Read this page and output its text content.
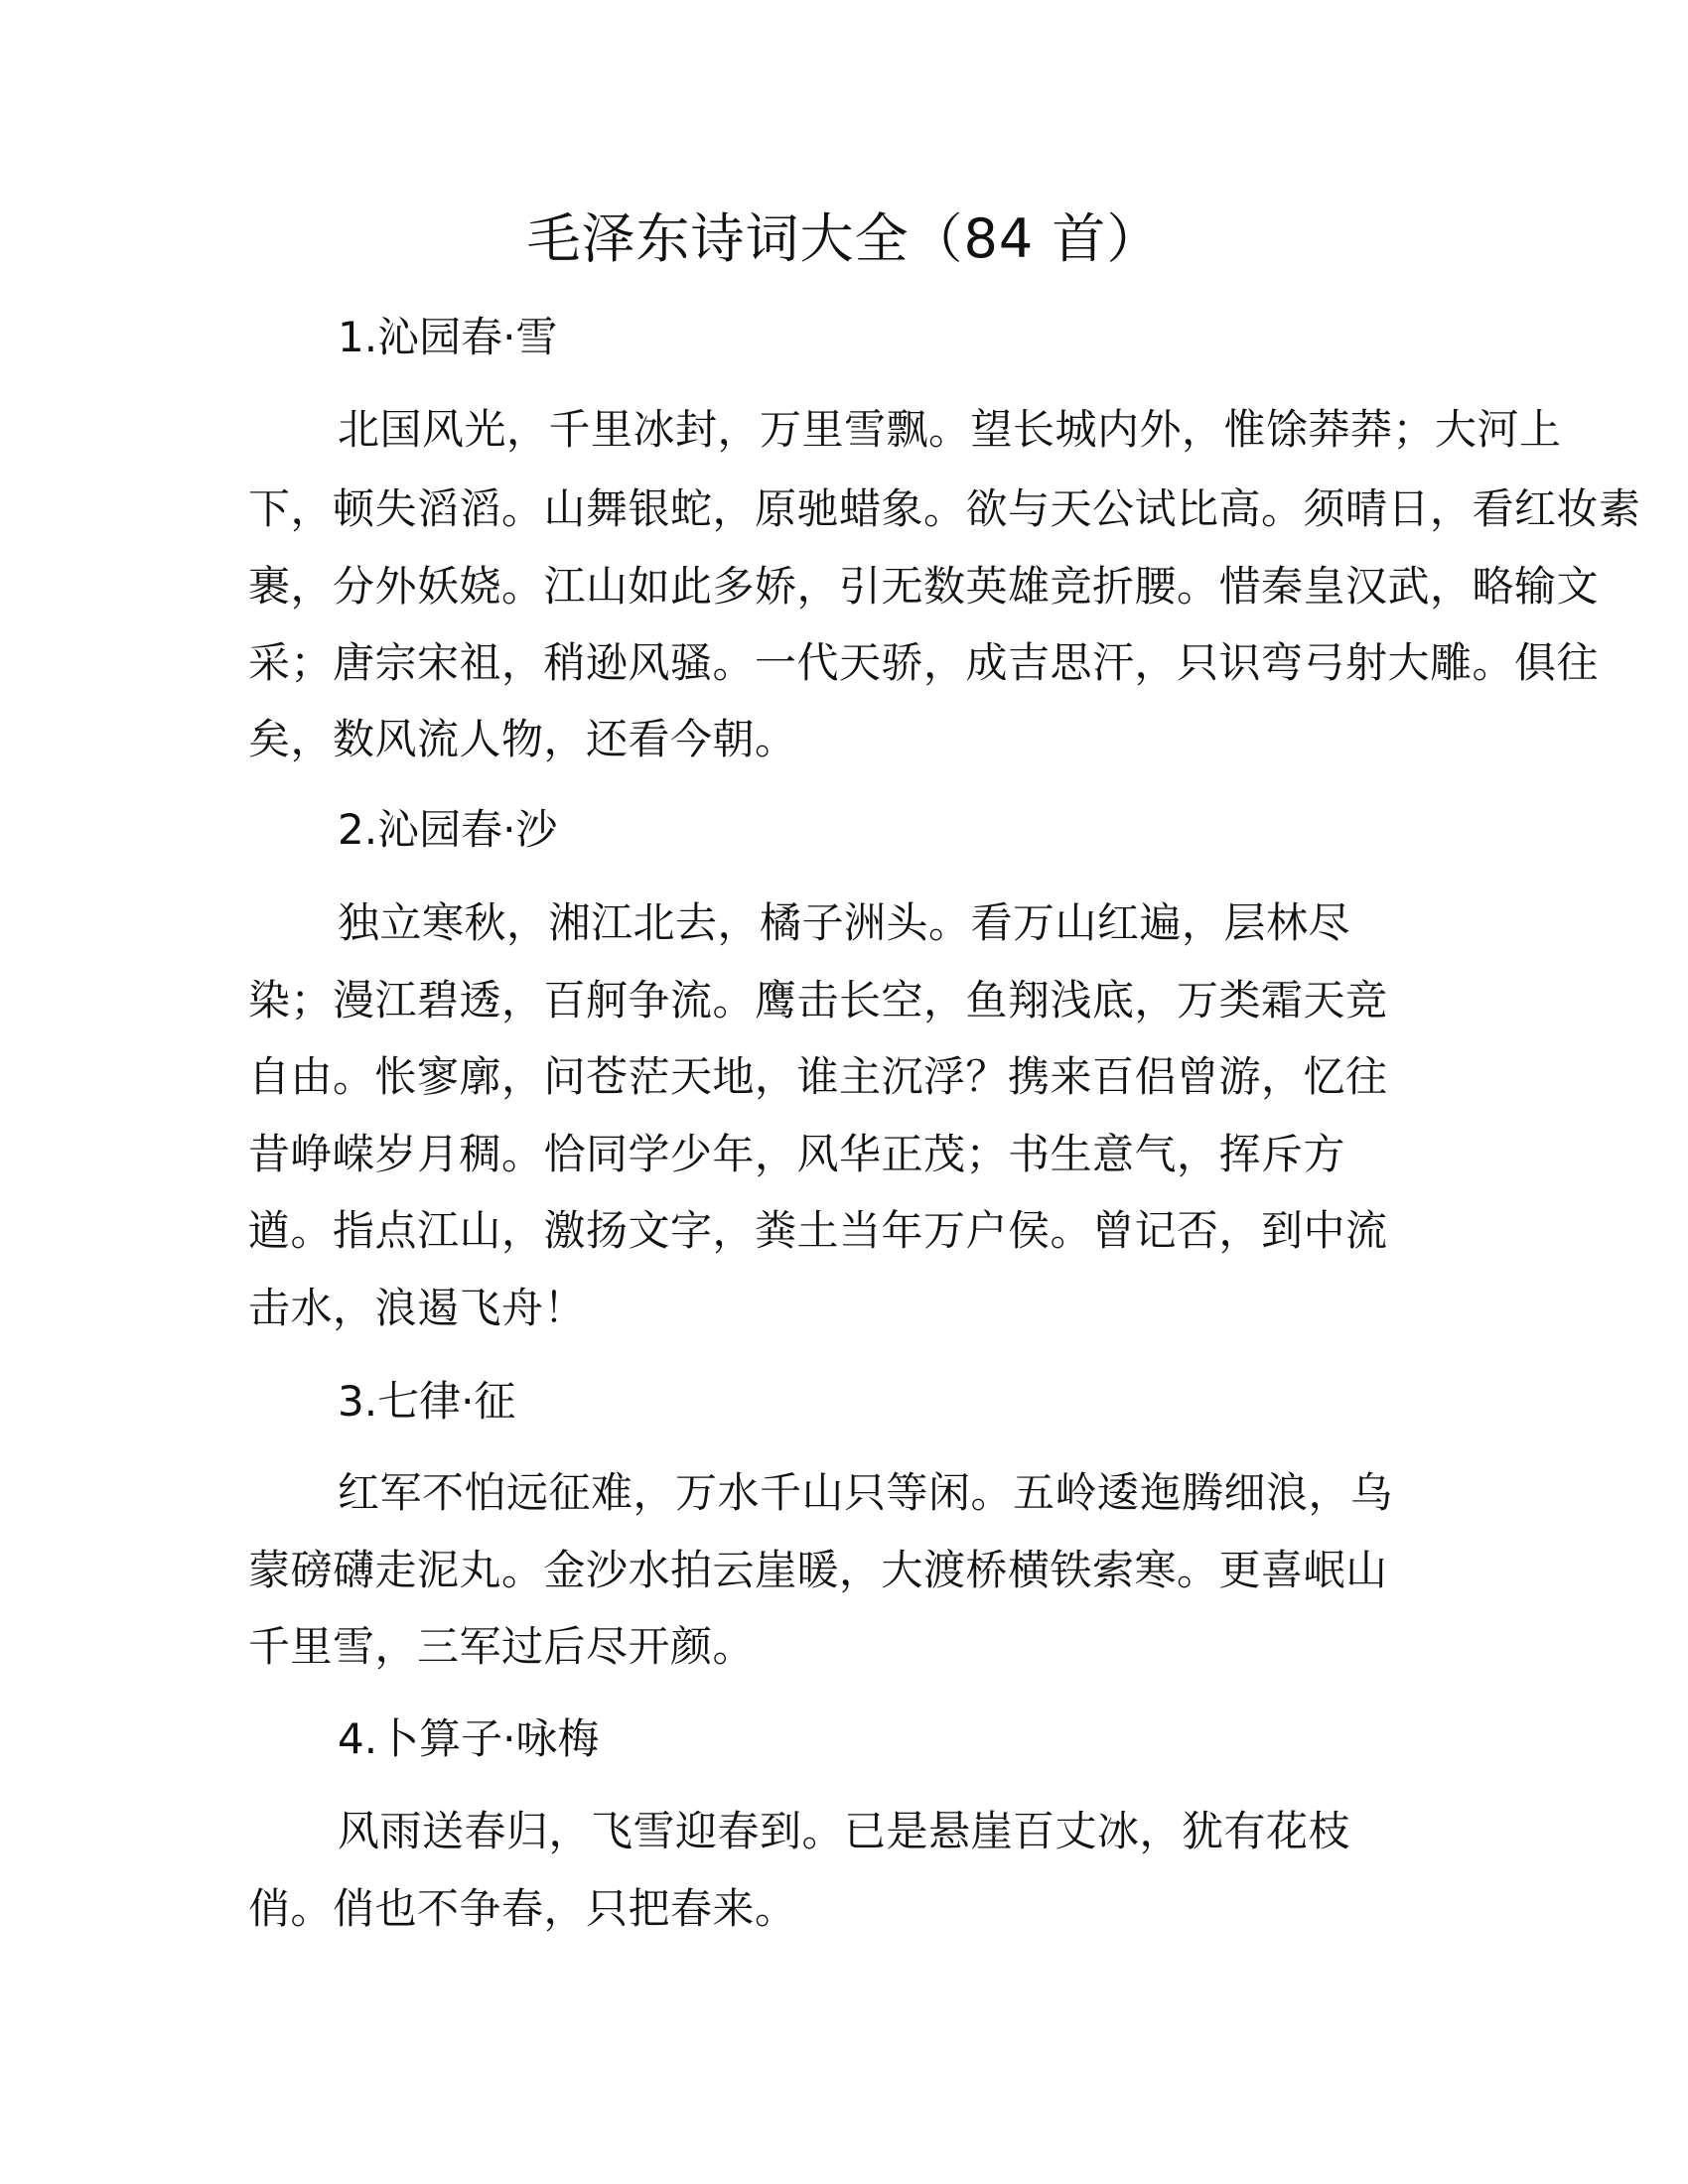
毛泽东诗词大全（84 首）
1.沁园春·雪

北国风光，千里冰封，万里雪飘。望长城内外，惟馀莽莽；大河上

下，顿失滔滔。山舞银蛇，原驰蜡象。欲与天公试比高。须晴日，看红妆素

裹，分外妖娆。江山如此多娇，引无数英雄竞折腰。惜秦皇汉武，略输文

采；唐宗宋祖，稍逊风骚。一代天骄，成吉思汗，只识弯弓射大雕。俱往

矣，数风流人物，还看今朝。

2.沁园春·沙

独立寒秋，湘江北去，橘子洲头。看万山红遍，层林尽

染；漫江碧透，百舸争流。鹰击长空，鱼翔浅底，万类霜天竞

自由。怅寥廓，问苍茫天地，谁主沉浮？携来百侣曾游，忆往

昔峥嵘岁月稠。恰同学少年，风华正茂；书生意气，挥斥方

遒。指点江山，激扬文字，粪土当年万户侯。曾记否，到中流

击水，浪遏飞舟！

3.七律·征

红军不怕远征难，万水千山只等闲。五岭逶迤腾细浪，乌

蒙磅礴走泥丸。金沙水拍云崖暖，大渡桥横铁索寒。更喜岷山

千里雪，三军过后尽开颜。

4.卜算子·咏梅

风雨送春归，飞雪迎春到。已是悬崖百丈冰，犹有花枝

俏。俏也不争春，只把春来。
